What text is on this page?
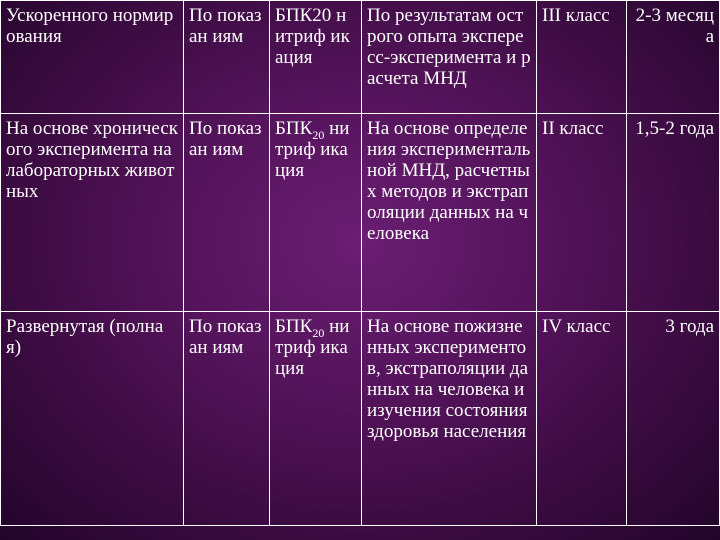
Ускоренного нормирования	По показан иям	БПК20 нитриф икация	По результатам острого опыта экспересс-эксперимента и расчета МНД	III класс	2-3 месяца
На основе хронического эксперимента на лабораторных животных	По показан иям	$БПК_{20}$ нитриф икация	На основе определения эксперименталь ной МНД, расчетных методов и экстраполяции данных на человека	II класс	1,5-2 года
Развернутая (полная)	По показан иям	$БПК_{20}$ нитриф икация	На основе пожизненных экспериментов, экстраполяции данных на человека и изучения состояния здоровья населения	IV класс	3 года
